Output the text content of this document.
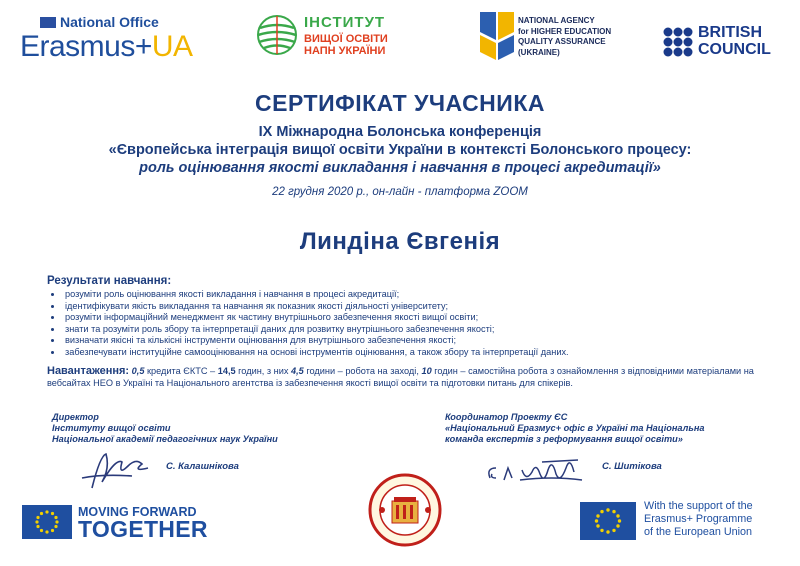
National Office
Erasmus+UA
ІНСТИТУТ
ВИЩОЇ ОСВІТИ
НАПН УКРАЇНИ
NATIONAL AGENCY
for HIGHER EDUCATION
QUALITY ASSURANCE
(UKRAINE)
BRITISH
COUNCIL
СЕРТИФІКАТ УЧАСНИКА
IX Міжнародна Болонська конференція
«Європейська інтеграція вищої освіти України в контексті Болонського процесу:
роль оцінювання якості викладання і навчання в процесі акредитації»
22 грудня 2020 р., он-лайн - платформа ZOOM
Линдіна Євгенія
Результати навчання:
• розуміти роль оцінювання якості викладання і навчання в процесі акредитації;
• ідентифікувати якість викладання та навчання як показник якості діяльності університету;
• розуміти інформаційний менеджмент як частину внутрішнього забезпечення якості вищої освіти;
• знати та розуміти роль збору та інтерпретації даних для розвитку внутрішнього забезпечення якості;
• визначати якісні та кількісні інструменти оцінювання для внутрішнього забезпечення якості;
• забезпечувати інституційне самооцінювання на основі інструментів оцінювання, а також збору та інтерпретації даних.
Навантаження: 0,5 кредита ЄКТС – 14,5 годин, з них 4,5 години – робота на заході, 10 годин – самостійна робота з ознайомлення з відповідними матеріалами на вебсайтах НЕО в Україні та Національного агентства із забезпечення якості вищої освіти та підготовки питань для спікерів.
Директор
Інституту вищої освіти
Національної академії педагогічних наук України
С. Калашнікова
Координатор Проекту ЄС
«Національний Еразмус+ офіс в Україні та Національна
команда експертів з реформування вищої освіти»
С. Шитікова
MOVING FORWARD
TOGETHER
With the support of the
Erasmus+ Programme
of the European Union
